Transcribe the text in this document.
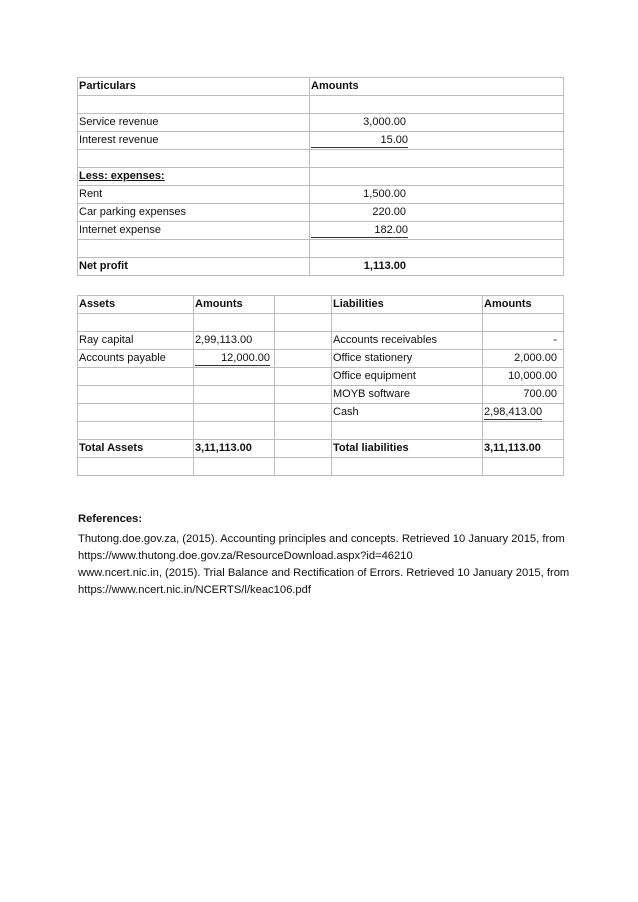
Particulars	Amounts

Service revenue	3,000.00
Interest revenue	15.00

Less: expenses:	
Rent	1,500.00
Car parking expenses	220.00
Internet expense	182.00

Net profit	1,113.00
Assets	Amounts		Liabilities	Amounts

Ray capital	2,99,113.00		Accounts receivables	-
Accounts payable	12,000.00		Office stationery	2,000.00
			Office equipment	10,000.00
			MOYB software	700.00
			Cash	2,98,413.00

Total Assets	3,11,113.00		Total liabilities	3,11,113.00

References:
Thutong.doe.gov.za, (2015). Accounting principles and concepts. Retrieved 10 January 2015, from
https://www.thutong.doe.gov.za/ResourceDownload.aspx?id=46210
www.ncert.nic.in, (2015). Trial Balance and Rectification of Errors. Retrieved 10 January 2015, from
https://www.ncert.nic.in/NCERTS/l/keac106.pdf
